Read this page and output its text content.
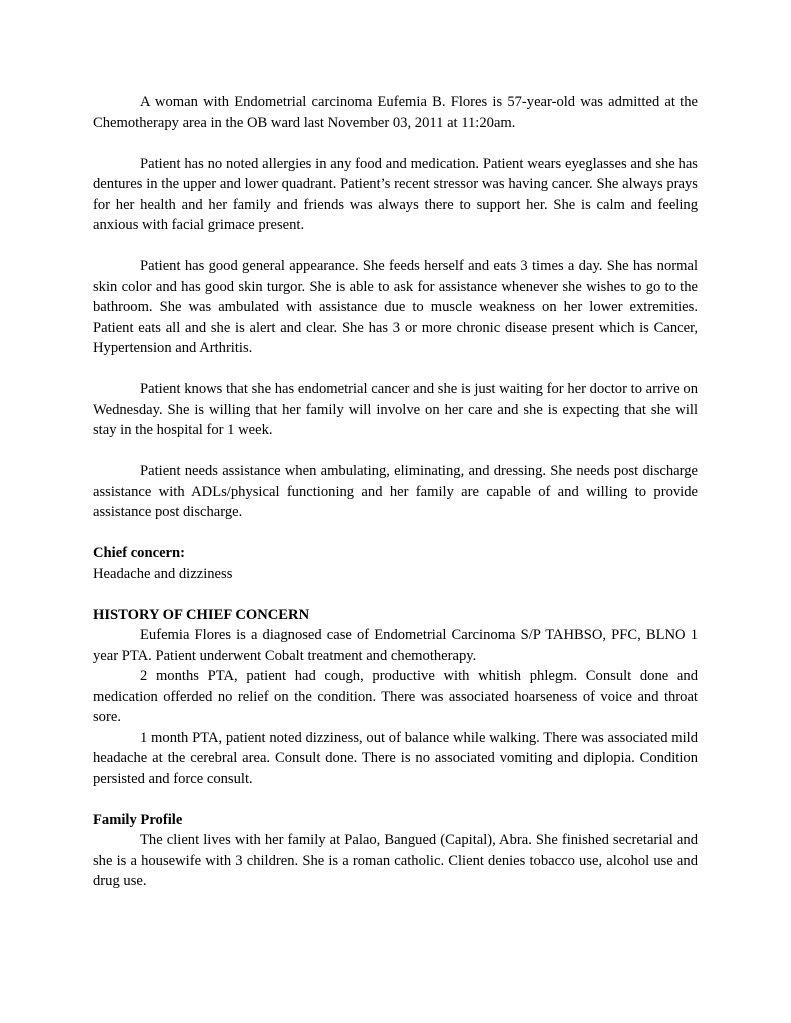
A woman with Endometrial carcinoma Eufemia B. Flores is 57-year-old was admitted at the Chemotherapy area in the OB ward last November 03, 2011 at 11:20am.

Patient has no noted allergies in any food and medication. Patient wears eyeglasses and she has dentures in the upper and lower quadrant. Patient’s recent stressor was having cancer. She always prays for her health and her family and friends was always there to support her. She is calm and feeling anxious with facial grimace present.

Patient has good general appearance. She feeds herself and eats 3 times a day. She has normal skin color and has good skin turgor. She is able to ask for assistance whenever she wishes to go to the bathroom. She was ambulated with assistance due to muscle weakness on her lower extremities. Patient eats all and she is alert and clear. She has 3 or more chronic disease present which is Cancer, Hypertension and Arthritis.

Patient knows that she has endometrial cancer and she is just waiting for her doctor to arrive on Wednesday. She is willing that her family will involve on her care and she is expecting that she will stay in the hospital for 1 week.

Patient needs assistance when ambulating, eliminating, and dressing. She needs post discharge assistance with ADLs/physical functioning and her family are capable of and willing to provide assistance post discharge.

Chief concern:

Headache and dizziness

HISTORY OF CHIEF CONCERN

Eufemia Flores is a diagnosed case of Endometrial Carcinoma S/P TAHBSO, PFC, BLNO 1 year PTA. Patient underwent Cobalt treatment and chemotherapy.

2 months PTA, patient had cough, productive with whitish phlegm. Consult done and medication offerded no relief on the condition. There was associated hoarseness of voice and throat sore.

1 month PTA, patient noted dizziness, out of balance while walking. There was associated mild headache at the cerebral area. Consult done. There is no associated vomiting and diplopia. Condition persisted and force consult.

Family Profile

The client lives with her family at Palao, Bangued (Capital), Abra. She finished secretarial and she is a housewife with 3 children. She is a roman catholic. Client denies tobacco use, alcohol use and drug use.
